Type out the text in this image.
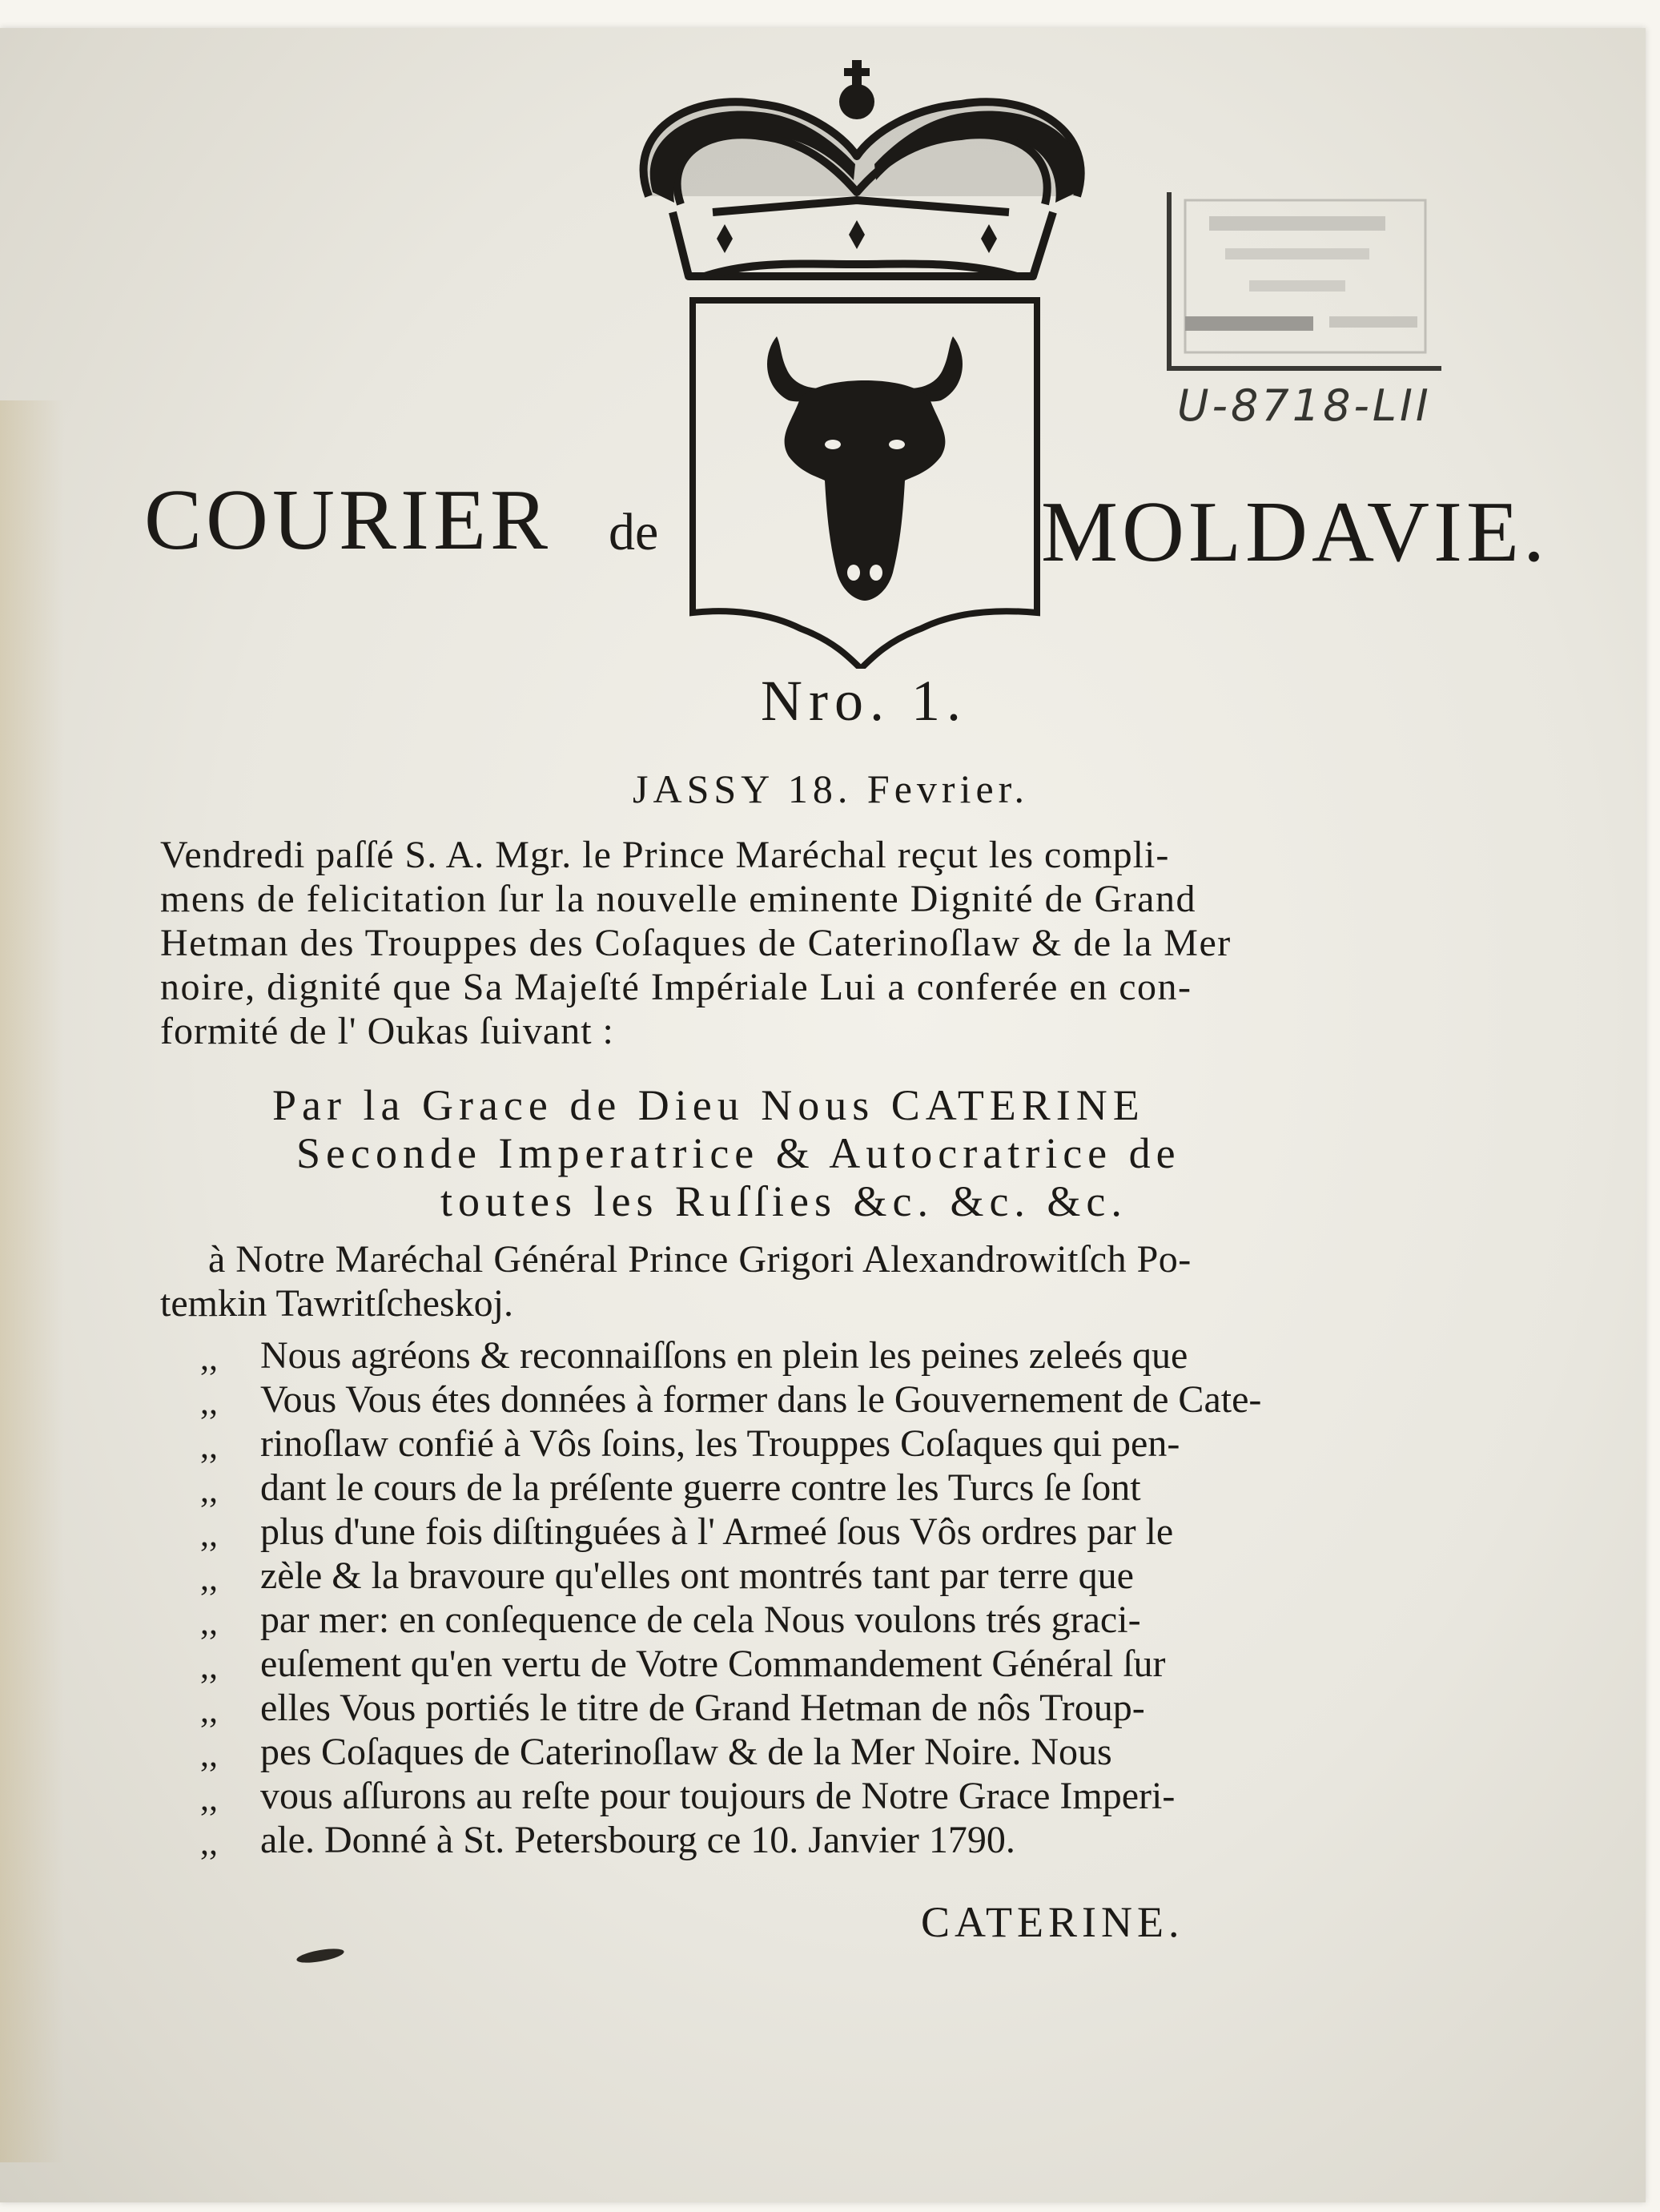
COURIER de	MOLDAVIE.
U-8718-LII
Nro. 1.
JASSY 18. Fevrier.
Vendredi paſſé S. A. Mgr. le Prince Maréchal reçut les compli-
mens de felicitation ſur la nouvelle eminente Dignité de Grand
Hetman des Trouppes des Coſaques de Caterinoſlaw & de la Mer
noire, dignité que Sa Majeſté Impériale Lui a conferée en con-
formité de l' Oukas ſuivant :
Par la Grace de Dieu Nous CATERINE
Seconde Imperatrice & Autocratrice de
toutes les Ruſſies &c. &c. &c.
à Notre Maréchal Général Prince Grigori Alexandrowitſch Po-
temkin Tawritſcheskoj.
,, Nous agréons & reconnaiſſons en plein les peines zeleés que
,, Vous Vous étes données à former dans le Gouvernement de Cate-
,, rinoſlaw confié à Vôs ſoins, les Trouppes Coſaques qui pen-
,, dant le cours de la préſente guerre contre les Turcs ſe ſont
,, plus d'une fois diſtinguées à l' Armeé ſous Vôs ordres par le
,, zèle & la bravoure qu'elles ont montrés tant par terre que
,, par mer: en conſequence de cela Nous voulons trés graci-
,, euſement qu'en vertu de Votre Commandement Général ſur
,, elles Vous portiés le titre de Grand Hetman de nôs Troup-
,, pes Coſaques de Caterinoſlaw & de la Mer Noire. Nous
,, vous aſſurons au reſte pour toujours de Notre Grace Imperi-
,, ale. Donné à St. Petersbourg ce 10. Janvier 1790.
CATERINE.
